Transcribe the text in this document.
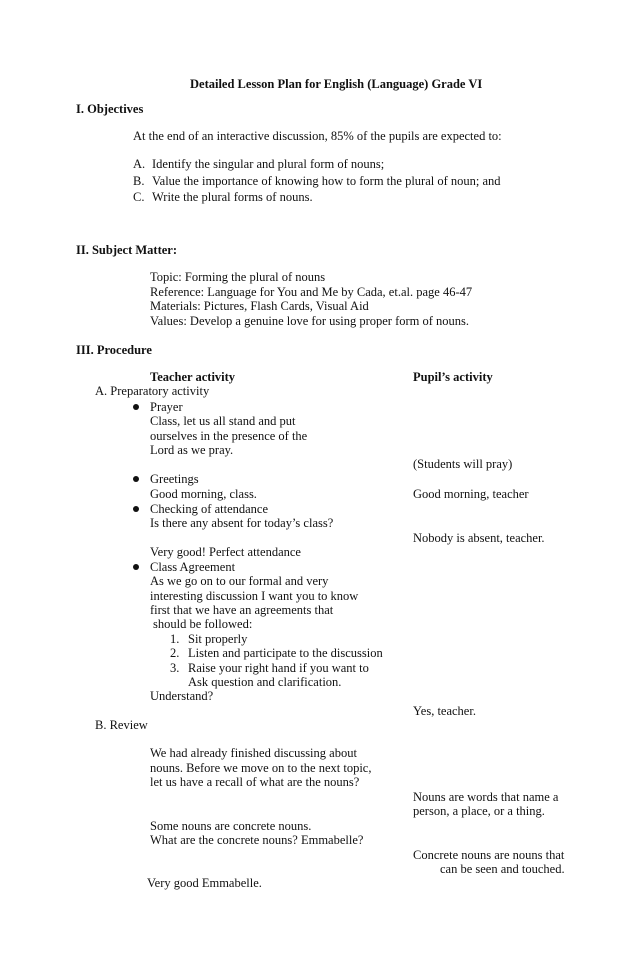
Detailed Lesson Plan for English (Language) Grade VI
I. Objectives
At the end of an interactive discussion, 85% of the pupils are expected to:
A. Identify the singular and plural form of nouns;
B. Value the importance of knowing how to form the plural of noun; and
C. Write the plural forms of nouns.
II. Subject Matter:
Topic: Forming the plural of nouns
Reference: Language for You and Me by Cada, et.al. page 46-47
Materials: Pictures, Flash Cards, Visual Aid
Values: Develop a genuine love for using proper form of nouns.
III. Procedure
Teacher activity	Pupil’s activity
A. Preparatory activity
Prayer
Class, let us all stand and put
ourselves in the presence of the
Lord as we pray.
(Students will pray)
Greetings
Good morning, class.	Good morning, teacher
Checking of attendance
Is there any absent for today’s class?
Nobody is absent, teacher.
Very good! Perfect attendance
Class Agreement
As we go on to our formal and very
interesting discussion I want you to know
first that we have an agreements that
should be followed:
1. Sit properly
2. Listen and participate to the discussion
3. Raise your right hand if you want to
Ask question and clarification.
Understand?
Yes, teacher.
B. Review
We had already finished discussing about
nouns. Before we move on to the next topic,
let us have a recall of what are the nouns?
Nouns are words that name a
person, a place, or a thing.
Some nouns are concrete nouns.
What are the concrete nouns? Emmabelle?
Concrete nouns are nouns that
can be seen and touched.
Very good Emmabelle.
